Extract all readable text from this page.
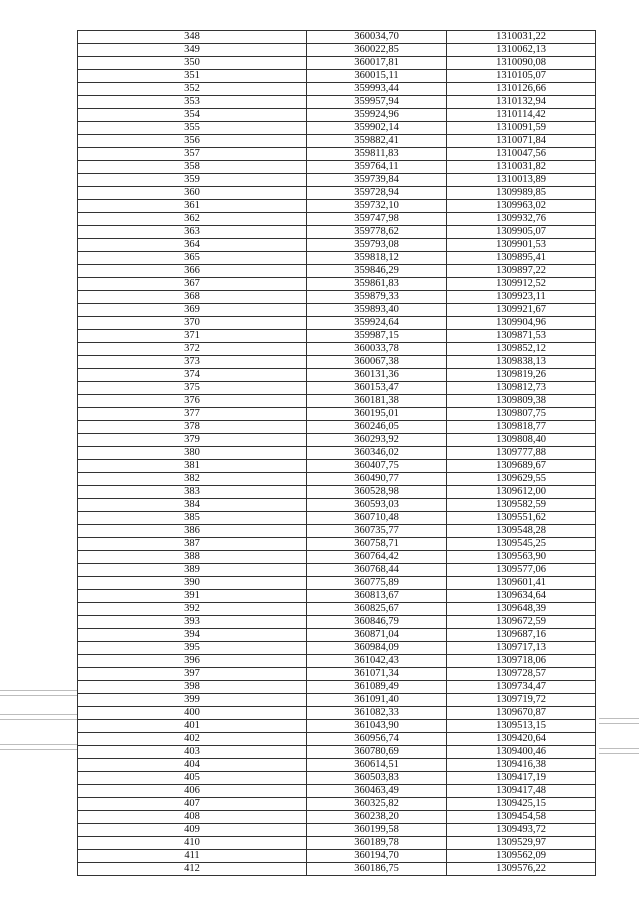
348	360034,70	1310031,22
349	360022,85	1310062,13
350	360017,81	1310090,08
351	360015,11	1310105,07
352	359993,44	1310126,66
353	359957,94	1310132,94
354	359924,96	1310114,42
355	359902,14	1310091,59
356	359882,41	1310071,84
357	359811,83	1310047,56
358	359764,11	1310031,82
359	359739,84	1310013,89
360	359728,94	1309989,85
361	359732,10	1309963,02
362	359747,98	1309932,76
363	359778,62	1309905,07
364	359793,08	1309901,53
365	359818,12	1309895,41
366	359846,29	1309897,22
367	359861,83	1309912,52
368	359879,33	1309923,11
369	359893,40	1309921,67
370	359924,64	1309904,96
371	359987,15	1309871,53
372	360033,78	1309852,12
373	360067,38	1309838,13
374	360131,36	1309819,26
375	360153,47	1309812,73
376	360181,38	1309809,38
377	360195,01	1309807,75
378	360246,05	1309818,77
379	360293,92	1309808,40
380	360346,02	1309777,88
381	360407,75	1309689,67
382	360490,77	1309629,55
383	360528,98	1309612,00
384	360593,03	1309582,59
385	360710,48	1309551,62
386	360735,77	1309548,28
387	360758,71	1309545,25
388	360764,42	1309563,90
389	360768,44	1309577,06
390	360775,89	1309601,41
391	360813,67	1309634,64
392	360825,67	1309648,39
393	360846,79	1309672,59
394	360871,04	1309687,16
395	360984,09	1309717,13
396	361042,43	1309718,06
397	361071,34	1309728,57
398	361089,49	1309734,47
399	361091,40	1309719,72
400	361082,33	1309670,87
401	361043,90	1309513,15
402	360956,74	1309420,64
403	360780,69	1309400,46
404	360614,51	1309416,38
405	360503,83	1309417,19
406	360463,49	1309417,48
407	360325,82	1309425,15
408	360238,20	1309454,58
409	360199,58	1309493,72
410	360189,78	1309529,97
411	360194,70	1309562,09
412	360186,75	1309576,22
